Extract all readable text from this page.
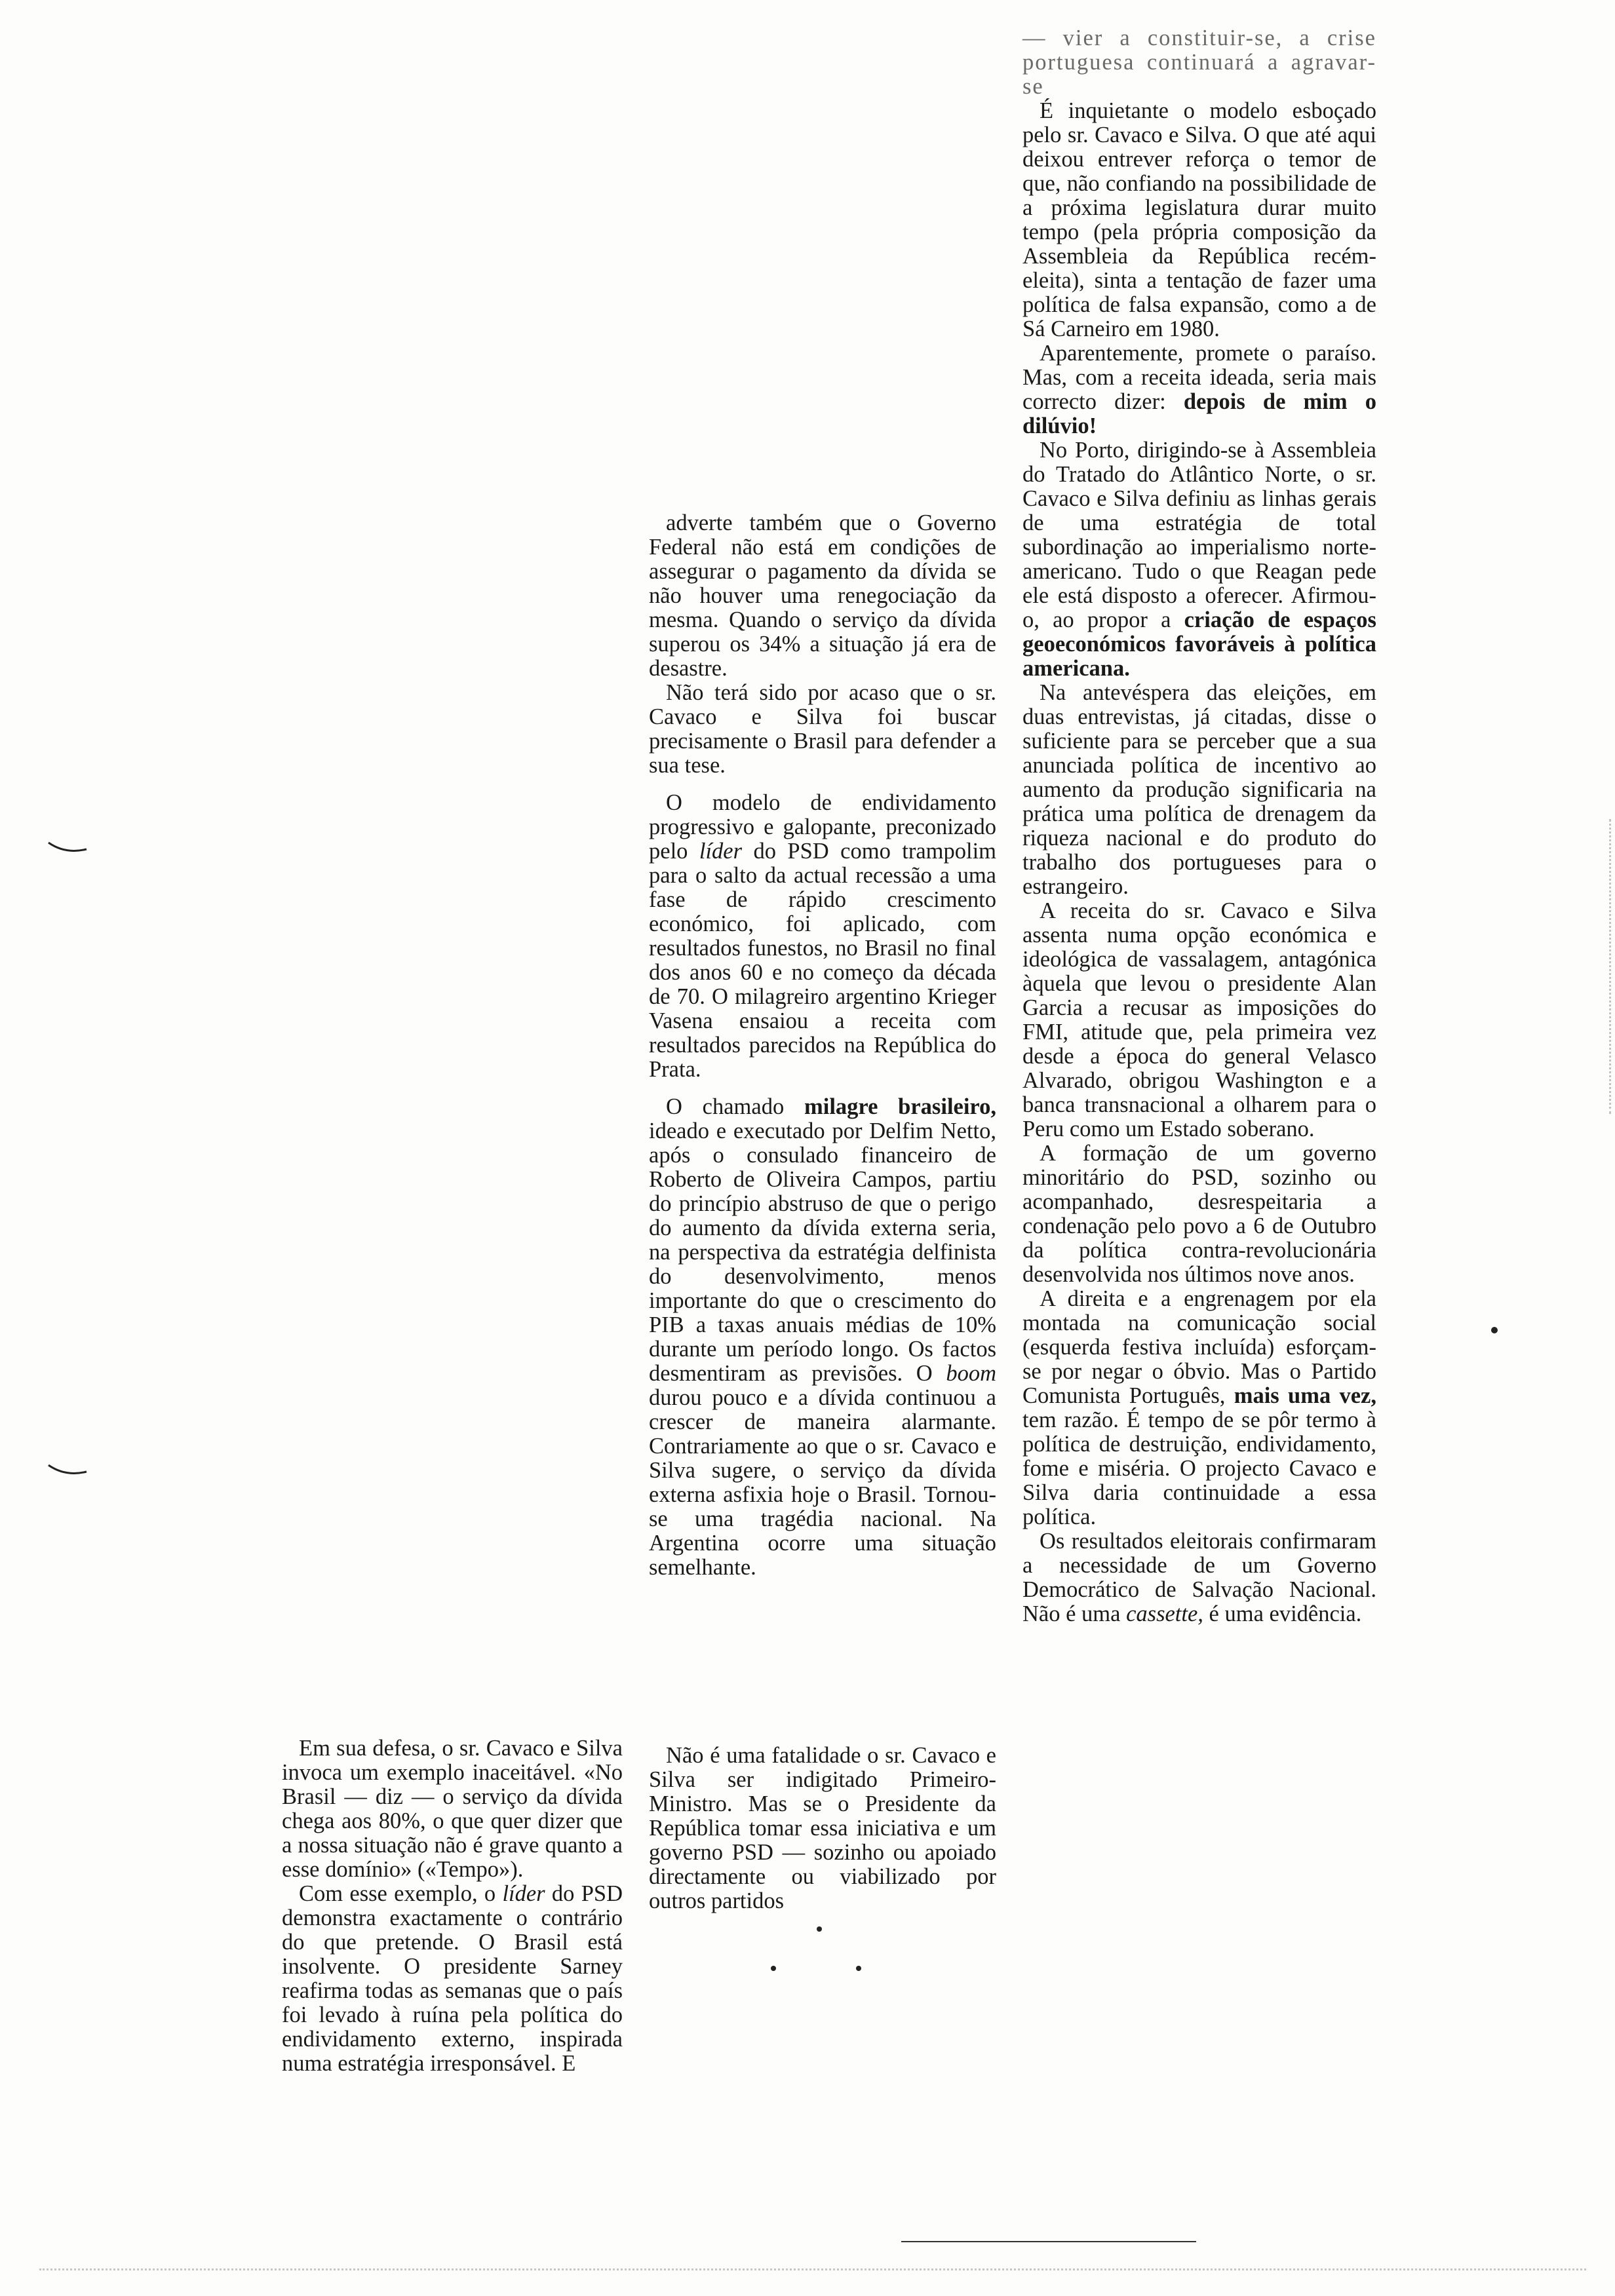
Em sua defesa, o sr. Cavaco e Silva invoca um exemplo inaceitável. «No Brasil — diz — o serviço da dívida chega aos 80%, o que quer dizer que a nossa situação não é grave quanto a esse domínio» («Tempo»).

Com esse exemplo, o líder do PSD demonstra exactamente o contrário do que pretende. O Brasil está insolvente. O presidente Sarney reafirma todas as semanas que o país foi levado à ruína pela política do endividamento externo, inspirada numa estratégia irresponsável. E

adverte também que o Governo Federal não está em condições de assegurar o pagamento da dívida se não houver uma renegociação da mesma. Quando o serviço da dívida superou os 34% a situação já era de desastre.

Não terá sido por acaso que o sr. Cavaco e Silva foi buscar precisamente o Brasil para defender a sua tese.

O modelo de endividamento progressivo e galopante, preconizado pelo líder do PSD como trampolim para o salto da actual recessão a uma fase de rápido crescimento económico, foi aplicado, com resultados funestos, no Brasil no final dos anos 60 e no começo da década de 70. O milagreiro argentino Krieger Vasena ensaiou a receita com resultados parecidos na República do Prata.

O chamado milagre brasileiro, ideado e executado por Delfim Netto, após o consulado financeiro de Roberto de Oliveira Campos, partiu do princípio abstruso de que o perigo do aumento da dívida externa seria, na perspectiva da estratégia delfinista do desenvolvimento, menos importante do que o crescimento do PIB a taxas anuais médias de 10% durante um período longo. Os factos desmentiram as previsões. O boom durou pouco e a dívida continuou a crescer de maneira alarmante. Contrariamente ao que o sr. Cavaco e Silva sugere, o serviço da dívida externa asfixia hoje o Brasil. Tornou-se uma tragédia nacional. Na Argentina ocorre uma situação semelhante.

Não é uma fatalidade o sr. Cavaco e Silva ser indigitado Primeiro-Ministro. Mas se o Presidente da República tomar essa iniciativa e um governo PSD — sozinho ou apoiado directamente ou viabilizado por outros partidos

— vier a constituir-se, a crise portuguesa continuará a agravar-se

É inquietante o modelo esboçado pelo sr. Cavaco e Silva. O que até aqui deixou entrever reforça o temor de que, não confiando na possibilidade de a próxima legislatura durar muito tempo (pela própria composição da Assembleia da República recém-eleita), sinta a tentação de fazer uma política de falsa expansão, como a de Sá Carneiro em 1980.

Aparentemente, promete o paraíso. Mas, com a receita ideada, seria mais correcto dizer: depois de mim o dilúvio!

No Porto, dirigindo-se à Assembleia do Tratado do Atlântico Norte, o sr. Cavaco e Silva definiu as linhas gerais de uma estratégia de total subordinação ao imperialismo norte-americano. Tudo o que Reagan pede ele está disposto a oferecer. Afirmou-o, ao propor a criação de espaços geoeconómicos favoráveis à política americana.

Na antevéspera das eleições, em duas entrevistas, já citadas, disse o suficiente para se perceber que a sua anunciada política de incentivo ao aumento da produção significaria na prática uma política de drenagem da riqueza nacional e do produto do trabalho dos portugueses para o estrangeiro.

A receita do sr. Cavaco e Silva assenta numa opção económica e ideológica de vassalagem, antagónica àquela que levou o presidente Alan Garcia a recusar as imposições do FMI, atitude que, pela primeira vez desde a época do general Velasco Alvarado, obrigou Washington e a banca transnacional a olharem para o Peru como um Estado soberano.

A formação de um governo minoritário do PSD, sozinho ou acompanhado, desrespeitaria a condenação pelo povo a 6 de Outubro da política contra-revolucionária desenvolvida nos últimos nove anos.

A direita e a engrenagem por ela montada na comunicação social (esquerda festiva incluída) esforçam-se por negar o óbvio. Mas o Partido Comunista Português, mais uma vez, tem razão. É tempo de se pôr termo à política de destruição, endividamento, fome e miséria. O projecto Cavaco e Silva daria continuidade a essa política.

Os resultados eleitorais confirmaram a necessidade de um Governo Democrático de Salvação Nacional. Não é uma cassette, é uma evidência.
